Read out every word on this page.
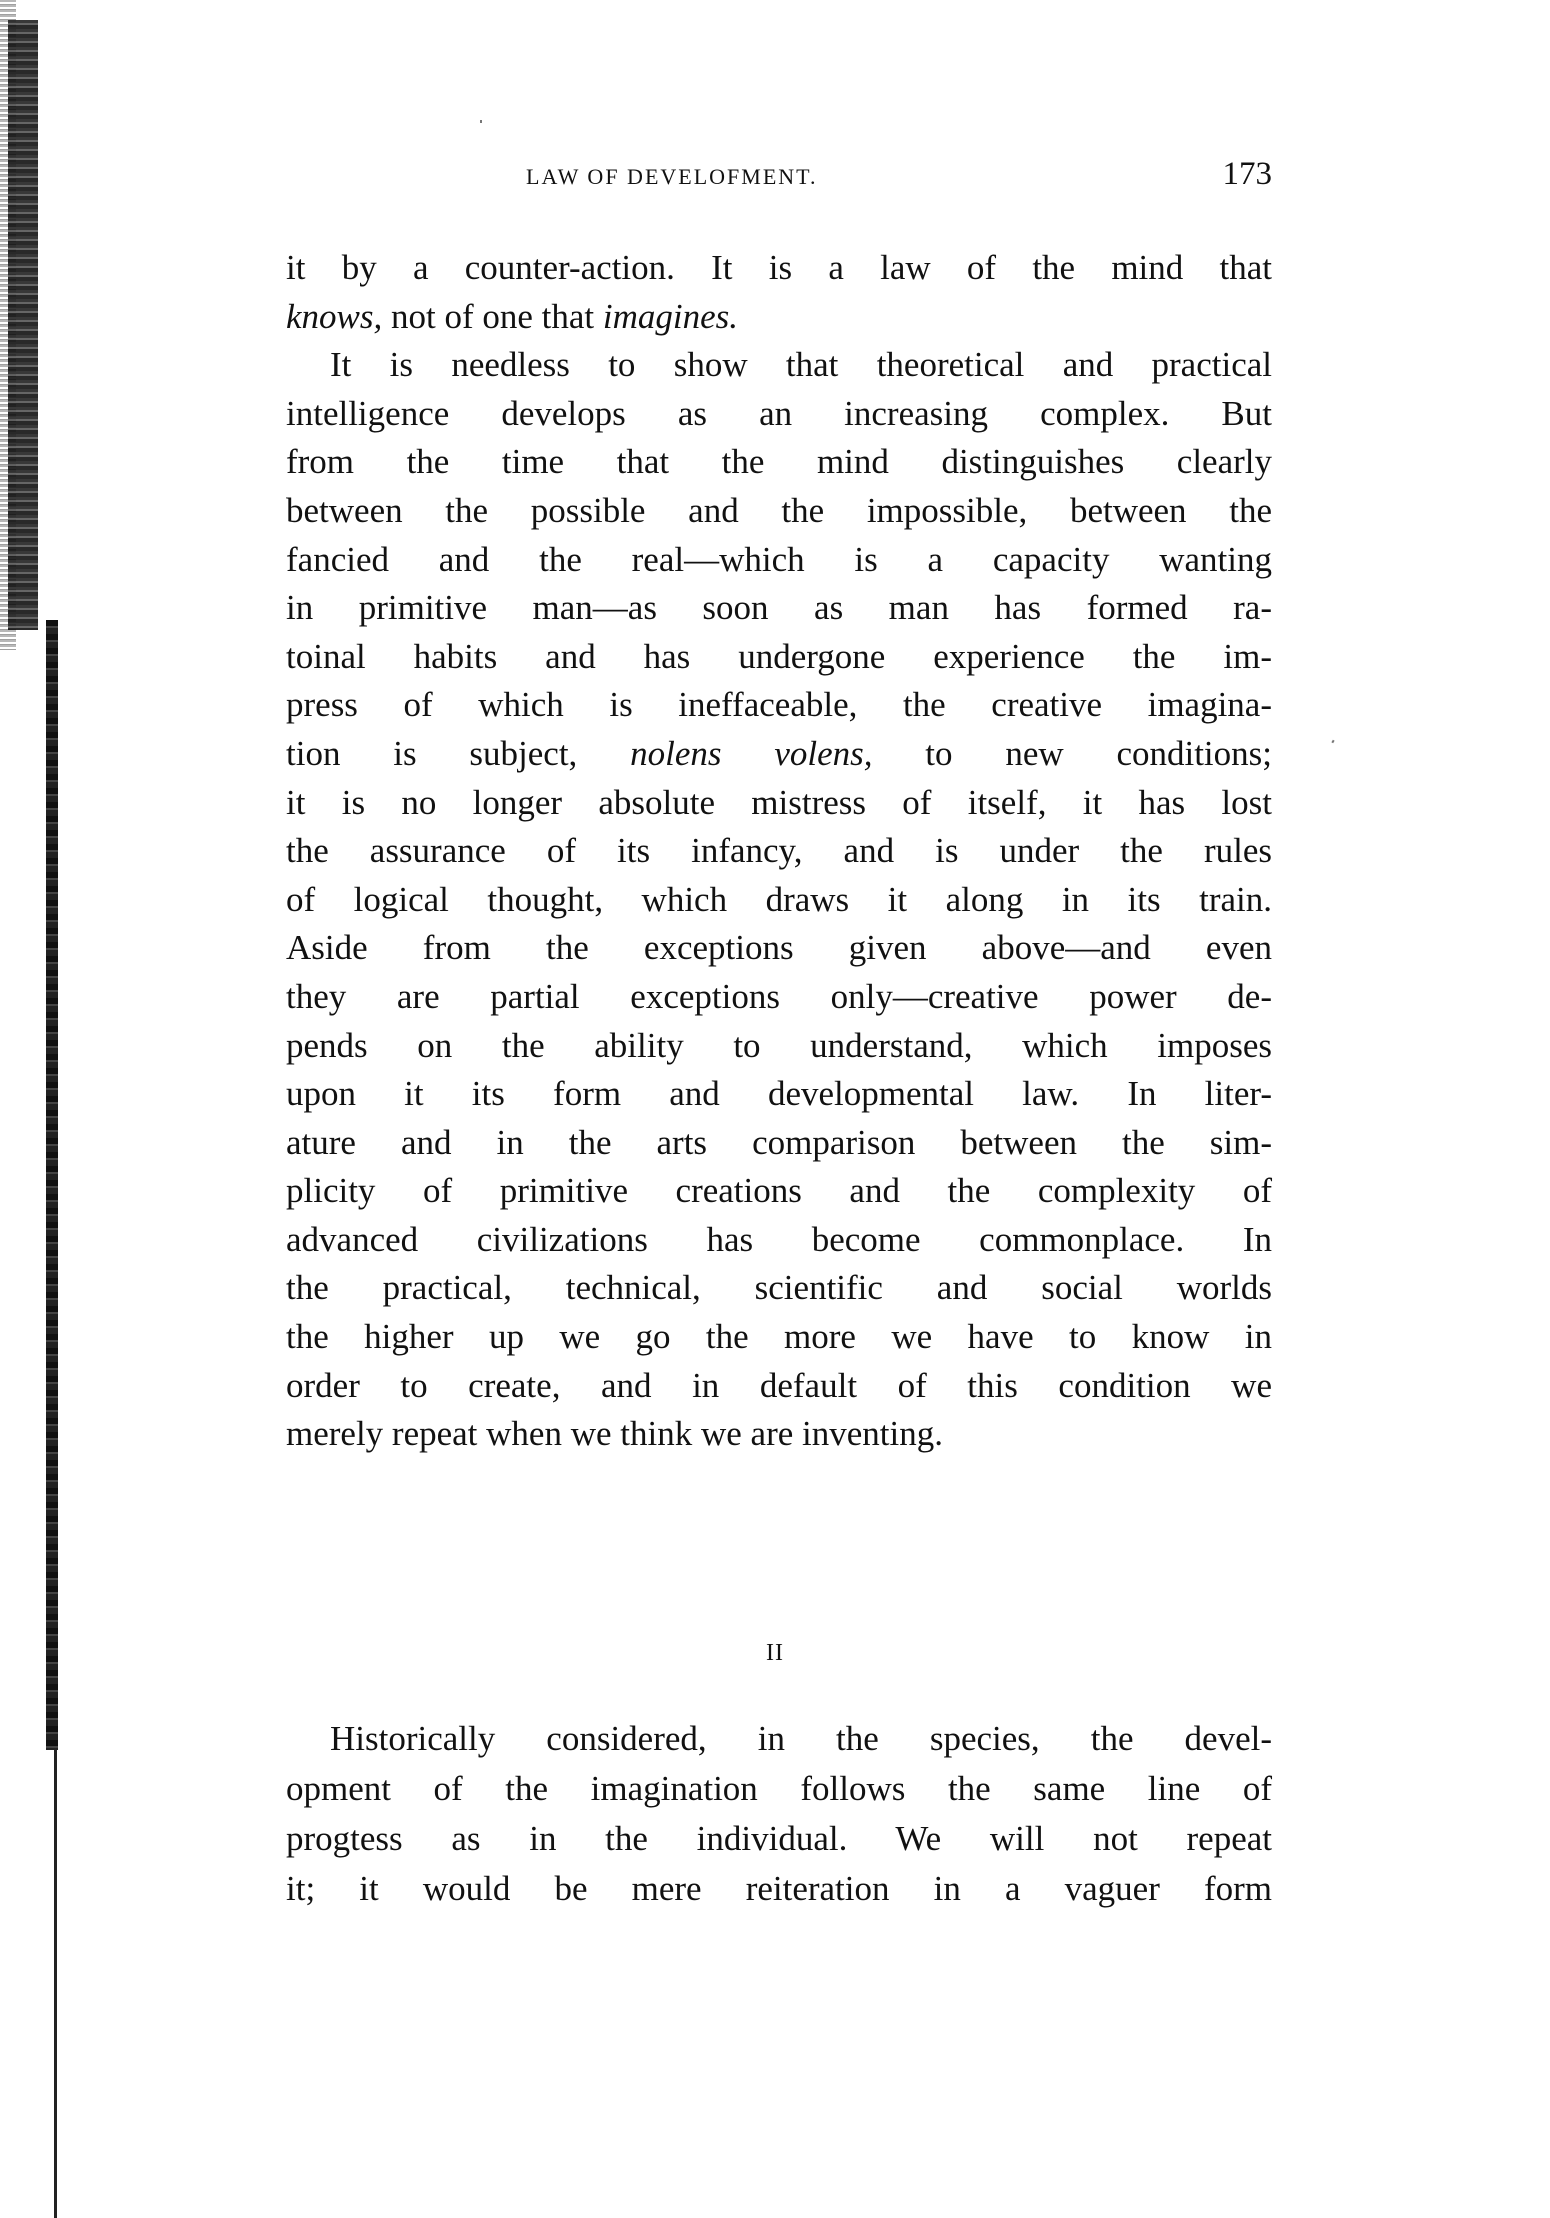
LAW OF DEVELOFMENT.	173
it by a counter-action. It is a law of the mind that
knows, not of one that imagines.
It is needless to show that theoretical and practical
intelligence develops as an increasing complex. But
from the time that the mind distinguishes clearly
between the possible and the impossible, between the
fancied and the real—which is a capacity wanting
in primitive man—as soon as man has formed ra-
toinal habits and has undergone experience the im-
press of which is ineffaceable, the creative imagina-
tion is subject, nolens volens, to new conditions;
it is no longer absolute mistress of itself, it has lost
the assurance of its infancy, and is under the rules
of logical thought, which draws it along in its train.
Aside from the exceptions given above—and even
they are partial exceptions only—creative power de-
pends on the ability to understand, which imposes
upon it its form and developmental law. In liter-
ature and in the arts comparison between the sim-
plicity of primitive creations and the complexity of
advanced civilizations has become commonplace. In
the practical, technical, scientific and social worlds
the higher up we go the more we have to know in
order to create, and in default of this condition we
merely repeat when we think we are inventing.
II
Historically considered, in the species, the devel-
opment of the imagination follows the same line of
progtess as in the individual. We will not repeat
it; it would be mere reiteration in a vaguer form
